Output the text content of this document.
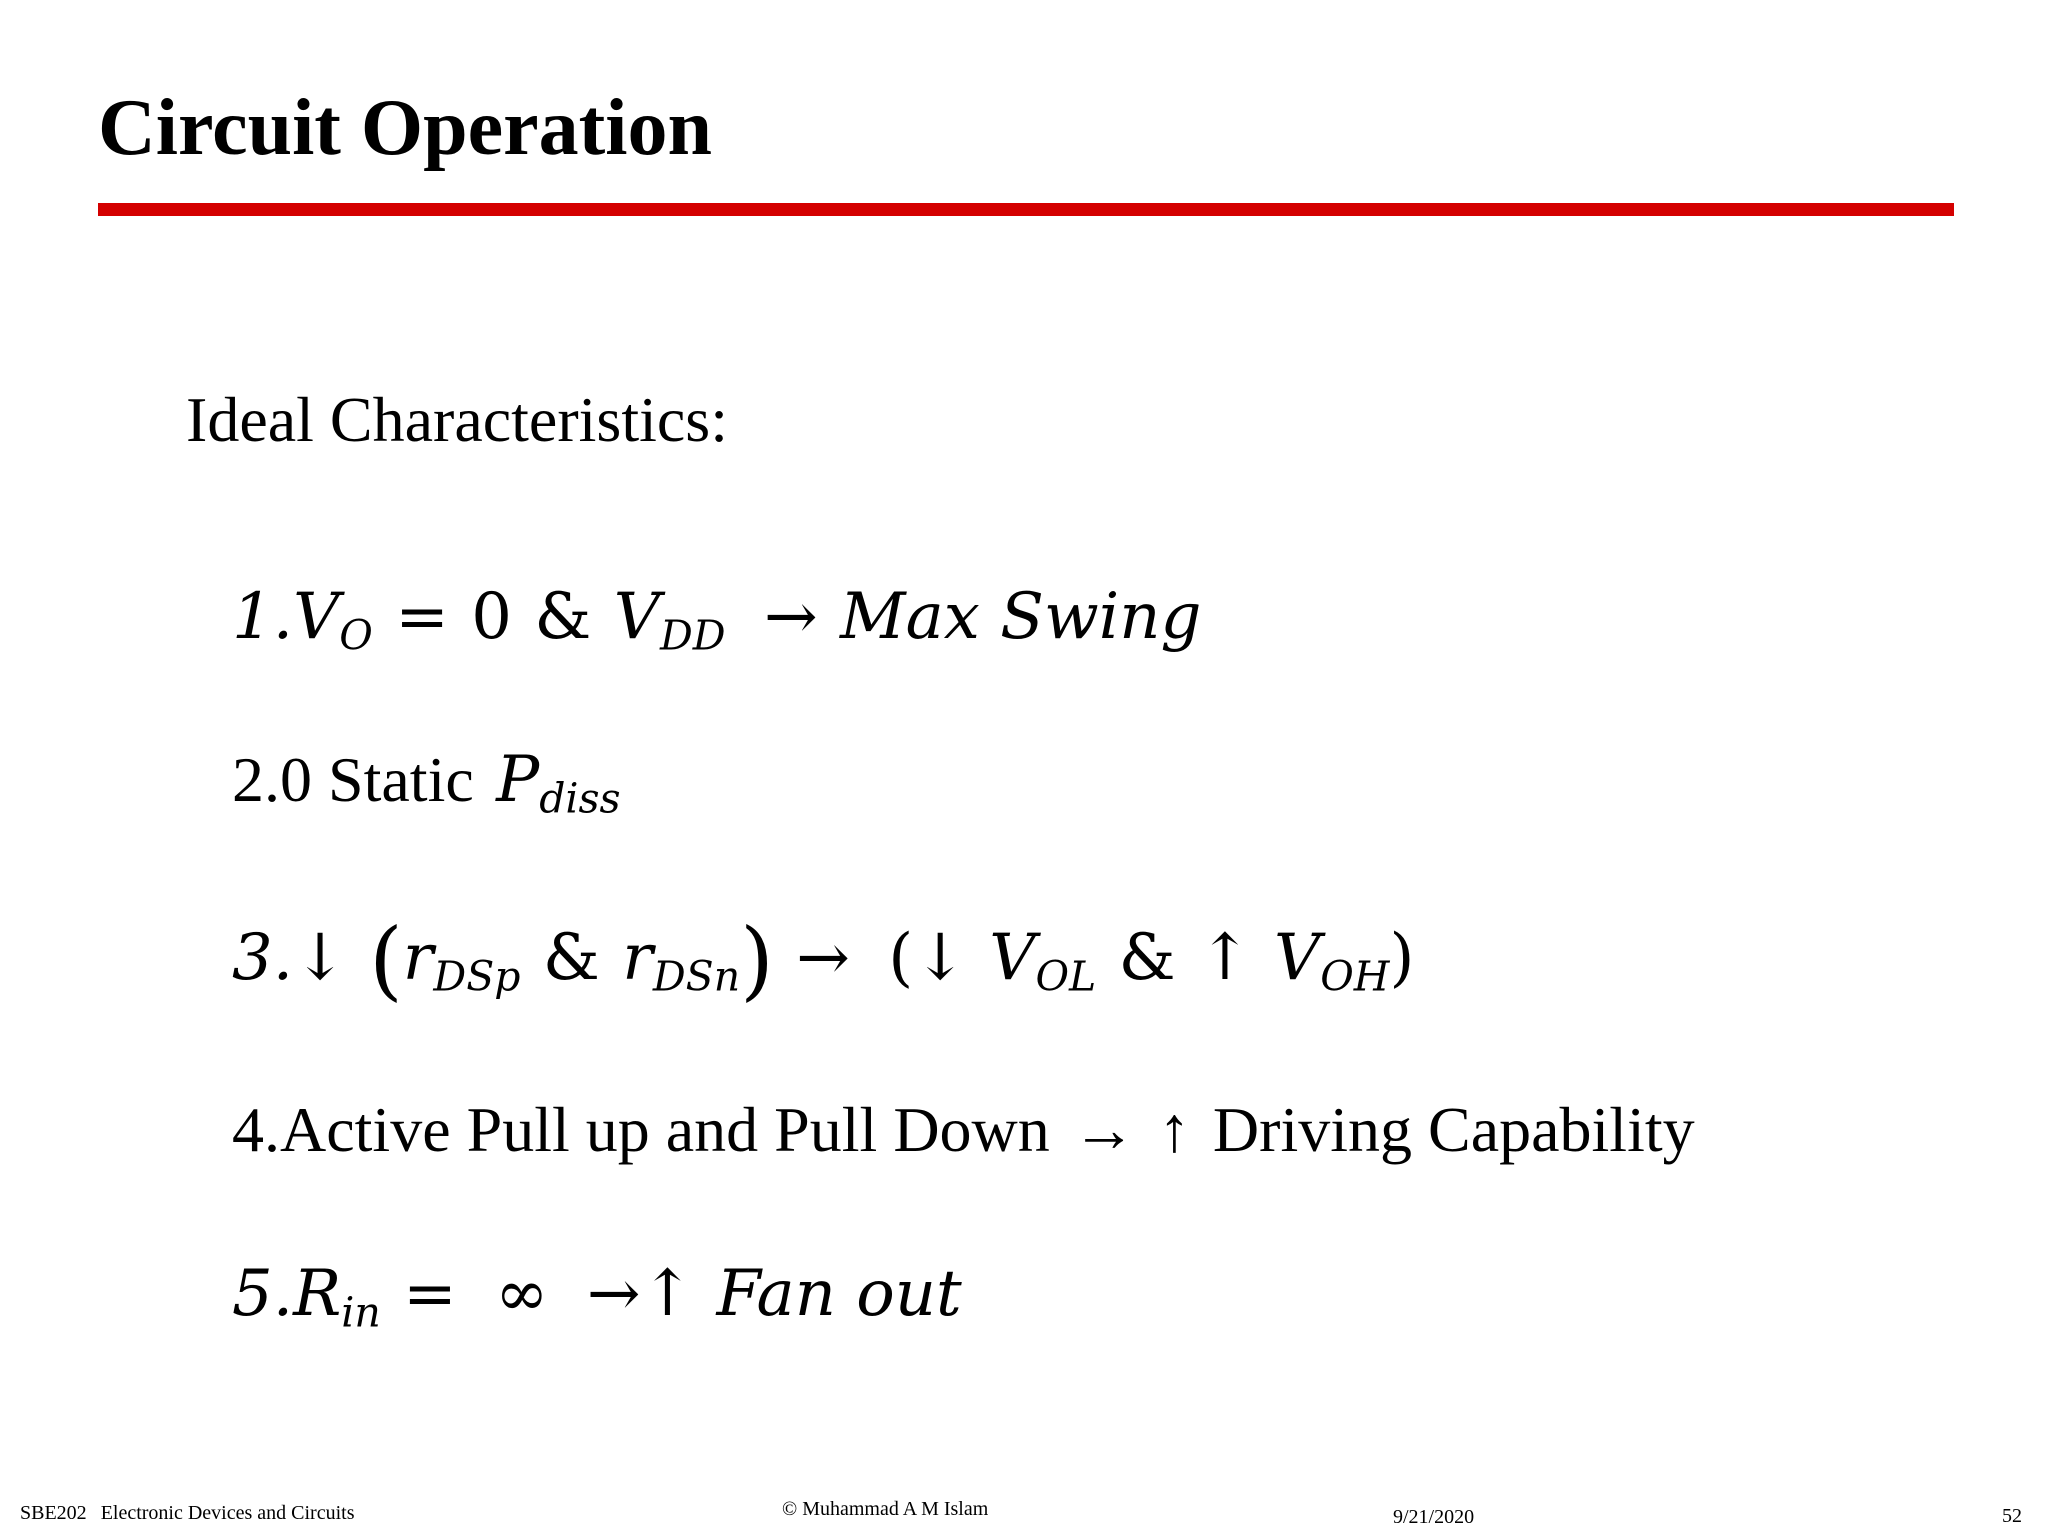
Circuit Operation
Ideal Characteristics:
$1.V_O = 0$ & $V_{DD}$ → Max Swing
2.0 Static $P_{diss}$
3.↓ ($r_{DSp}$ & $r_{DSn}$) → (↓ $V_{OL}$ & ↑ $V_{OH}$)
4.Active Pull up and Pull Down → ↑ Driving Capability
$5.R_{in}$ = ∞ →↑ Fan out
SBE202 Electronic Devices and Circuits	© Muhammad A M Islam	9/21/2020	52
